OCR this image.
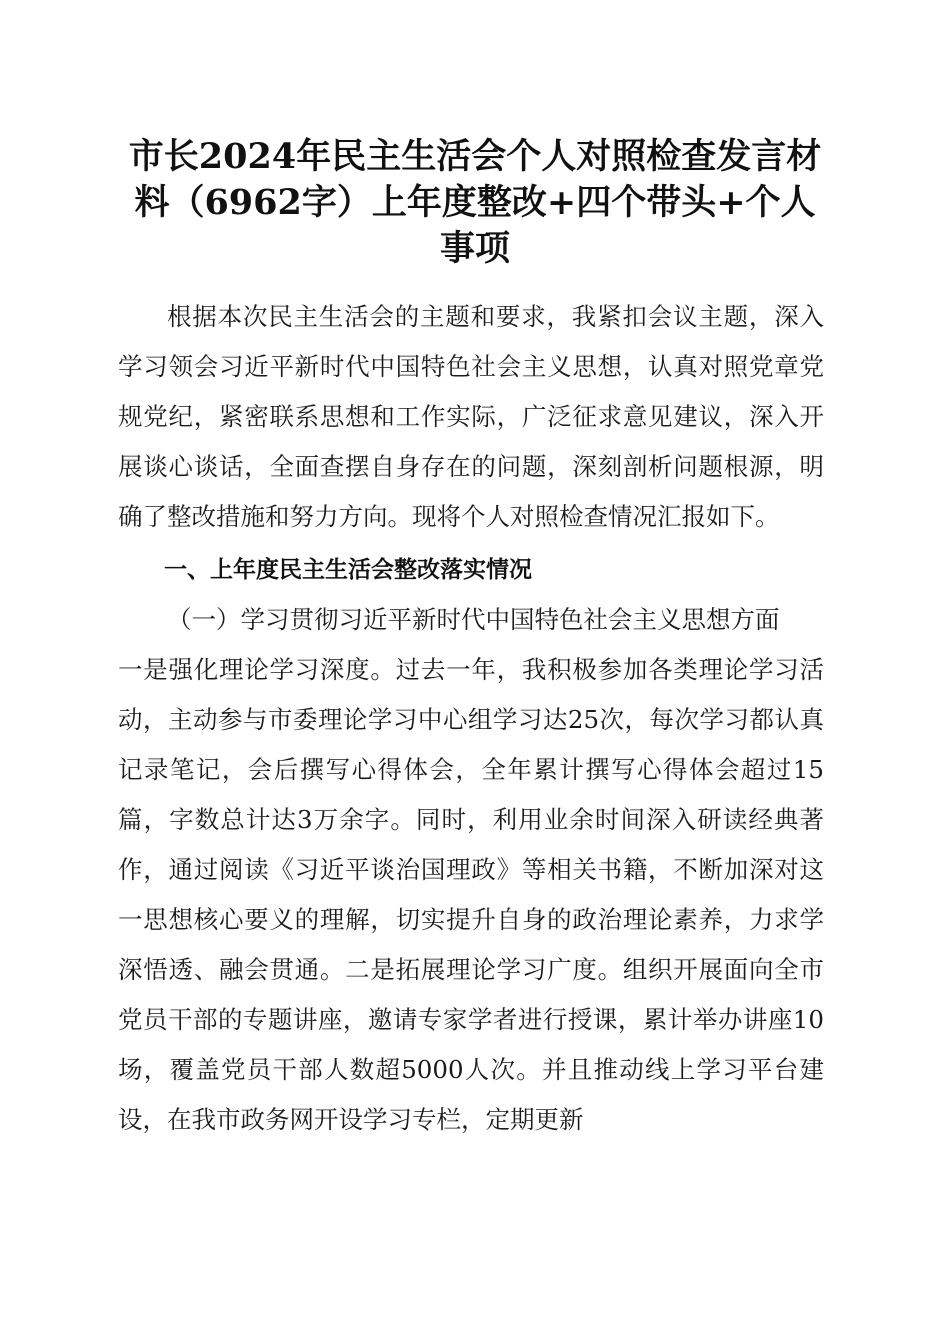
市长2024年民主生活会个人对照检查发言材料（6962字）上年度整改+四个带头+个人事项

根据本次民主生活会的主题和要求，我紧扣会议主题，深入学习领会习近平新时代中国特色社会主义思想，认真对照党章党规党纪，紧密联系思想和工作实际，广泛征求意见建议，深入开展谈心谈话，全面查摆自身存在的问题，深刻剖析问题根源，明确了整改措施和努力方向。现将个人对照检查情况汇报如下。

一、上年度民主生活会整改落实情况

（一）学习贯彻习近平新时代中国特色社会主义思想方面

一是强化理论学习深度。过去一年，我积极参加各类理论学习活动，主动参与市委理论学习中心组学习达25次，每次学习都认真记录笔记，会后撰写心得体会，全年累计撰写心得体会超过15篇，字数总计达3万余字。同时，利用业余时间深入研读经典著作，通过阅读《习近平谈治国理政》等相关书籍，不断加深对这一思想核心要义的理解，切实提升自身的政治理论素养，力求学深悟透、融会贯通。二是拓展理论学习广度。组织开展面向全市党员干部的专题讲座，邀请专家学者进行授课，累计举办讲座10场，覆盖党员干部人数超5000人次。并且推动线上学习平台建设，在我市政务网开设学习专栏，定期更新
